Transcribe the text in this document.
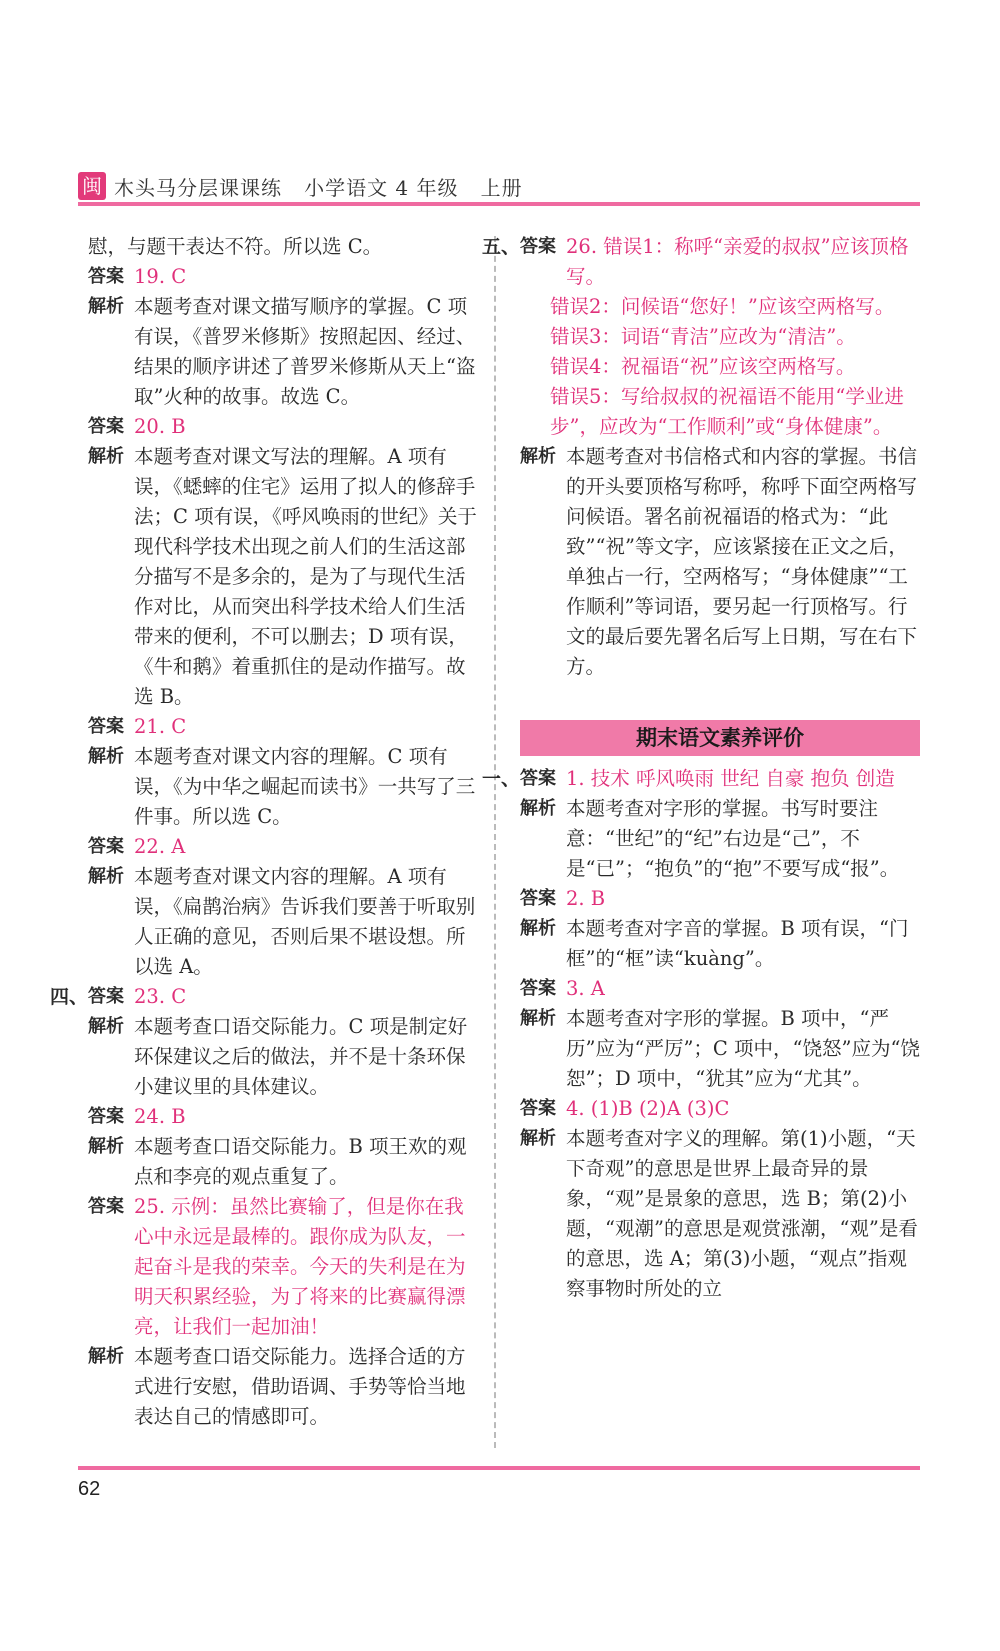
闽 木头马分层课课练   小学语文 4 年级   上册

慰，与题干表达不符。所以选 C。

答案 19. C
解析 本题考查对课文描写顺序的掌握。C 项有误，《普罗米修斯》按照起因、经过、结果的顺序讲述了普罗米修斯从天上“盗取”火种的故事。故选 C。
答案 20. B
解析 本题考查对课文写法的理解。A 项有误，《蟋蟀的住宅》运用了拟人的修辞手法；C 项有误，《呼风唤雨的世纪》关于现代科学技术出现之前人们的生活这部分描写不是多余的，是为了与现代生活作对比，从而突出科学技术给人们生活带来的便利，不可以删去；D 项有误，《牛和鹅》着重抓住的是动作描写。故选 B。
答案 21. C
解析 本题考查对课文内容的理解。C 项有误，《为中华之崛起而读书》一共写了三件事。所以选 C。
答案 22. A
解析 本题考查对课文内容的理解。A 项有误，《扁鹊治病》告诉我们要善于听取别人正确的意见，否则后果不堪设想。所以选 A。
四、 答案 23. C
解析 本题考查口语交际能力。C 项是制定好环保建议之后的做法，并不是十条环保小建议里的具体建议。
答案 24. B
解析 本题考查口语交际能力。B 项王欢的观点和李亮的观点重复了。
答案 25. 示例：虽然比赛输了，但是你在我心中永远是最棒的。跟你成为队友，一起奋斗是我的荣幸。今天的失利是在为明天积累经验，为了将来的比赛赢得漂亮，让我们一起加油！
解析 本题考查口语交际能力。选择合适的方式进行安慰，借助语调、手势等恰当地表达自己的情感即可。
五、 答案 26. 错误1：称呼“亲爱的叔叔”应该顶格写。

错误2：问候语“您好！”应该空两格写。

错误3：词语“青洁”应改为“清洁”。

错误4：祝福语“祝”应该空两格写。

错误5：写给叔叔的祝福语不能用“学业进步”，应改为“工作顺利”或“身体健康”。

解析 本题考查对书信格式和内容的掌握。书信的开头要顶格写称呼，称呼下面空两格写问候语。署名前祝福语的格式为：“此致”“祝”等文字，应该紧接在正文之后，单独占一行，空两格写；“身体健康”“工作顺利”等词语，要另起一行顶格写。行文的最后要先署名后写上日期，写在右下方。
期末语文素养评价
一、 答案 1. 技术 呼风唤雨 世纪 自豪 抱负 创造
解析 本题考查对字形的掌握。书写时要注意：“世纪”的“纪”右边是“己”，不是“已”；“抱负”的“抱”不要写成“报”。
答案 2. B
解析 本题考查对字音的掌握。B 项有误，“门框”的“框”读“kuàng”。
答案 3. A
解析 本题考查对字形的掌握。B 项中，“严历”应为“严厉”；C 项中，“饶怒”应为“饶恕”；D 项中，“犹其”应为“尤其”。
答案 4. (1)B (2)A (3)C
解析 本题考查对字义的理解。第(1)小题，“天下奇观”的意思是世界上最奇异的景象，“观”是景象的意思，选 B；第(2)小题，“观潮”的意思是观赏涨潮，“观”是看的意思，选 A；第(3)小题，“观点”指观察事物时所处的立
62
